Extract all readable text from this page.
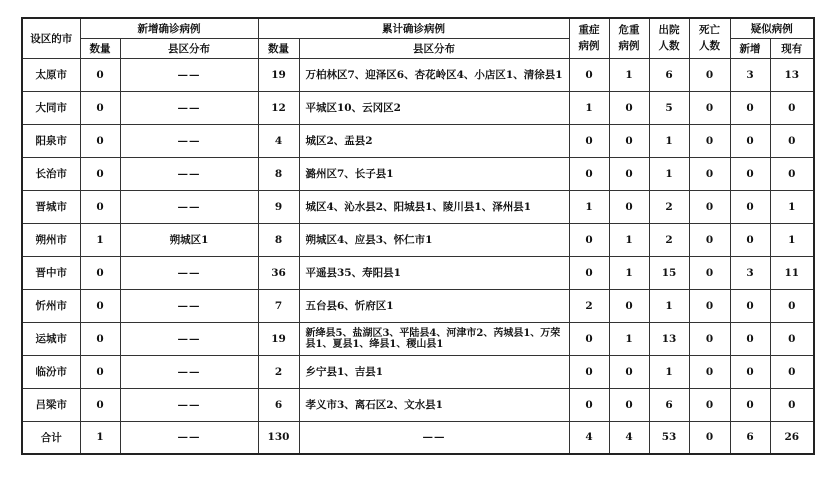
设区的市	新增确诊病例		累计确诊病例		重症病例	危重病例	出院人数	死亡人数	疑似病例	
	数量	县区分布	数量	县区分布					新增	现有
太原市	0	——	19	万柏林区7、迎泽区6、杏花岭区4、小店区1、清徐县1	0	1	6	0	3	13
大同市	0	——	12	平城区10、云冈区2	1	0	5	0	0	0
阳泉市	0	——	4	城区2、盂县2	0	0	1	0	0	0
长治市	0	——	8	潞州区7、长子县1	0	0	1	0	0	0
晋城市	0	——	9	城区4、沁水县2、阳城县1、陵川县1、泽州县1	1	0	2	0	0	1
朔州市	1	朔城区1	8	朔城区4、应县3、怀仁市1	0	1	2	0	0	1
晋中市	0	——	36	平遥县35、寿阳县1	0	1	15	0	3	11
忻州市	0	——	7	五台县6、忻府区1	2	0	1	0	0	0
运城市	0	——	19	新绛县5、盐湖区3、平陆县4、河津市2、芮城县1、万荣县1、夏县1、绛县1、稷山县1	0	1	13	0	0	0
临汾市	0	——	2	乡宁县1、吉县1	0	0	1	0	0	0
吕梁市	0	——	6	孝义市3、离石区2、文水县1	0	0	6	0	0	0
合计	1	——	130	——	4	4	53	0	6	26
